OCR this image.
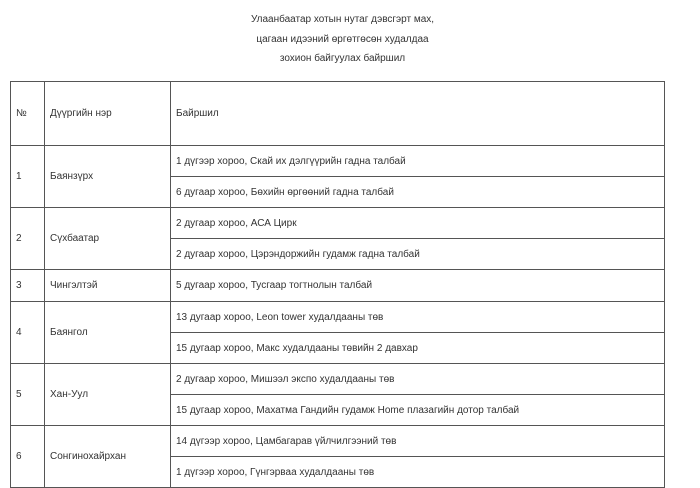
Улаанбаатар хотын нутаг дэвсгэрт мах,
цагаан идээний өргөтгөсөн худалдаа
зохион байгуулах байршил
№	Дүүргийн нэр	Байршил
1	Баянзүрх	1 дүгээр хороо, Скай их дэлгүүрийн гадна талбай
		6 дугаар хороо, Бөхийн өргөөний гадна талбай
2	Сүхбаатар	2 дугаар хороо, АСА Цирк
		2 дугаар хороо, Цэрэндоржийн гудамж гадна талбай
3	Чингэлтэй	5 дугаар хороо, Тусгаар тогтнолын талбай
4	Баянгол	13 дугаар хороо, Leon tower худалдааны төв
		15 дугаар хороо, Макс худалдааны төвийн 2 давхар
5	Хан-Уул	2 дугаар хороо, Мишээл экспо худалдааны төв
		15 дугаар хороо, Махатма Гандийн гудамж Home плазагийн дотор талбай
6	Сонгинохайрхан	14 дүгээр хороо, Цамбагарав үйлчилгээний төв
		1 дүгээр хороо, Гүнгэрваа худалдааны төв
